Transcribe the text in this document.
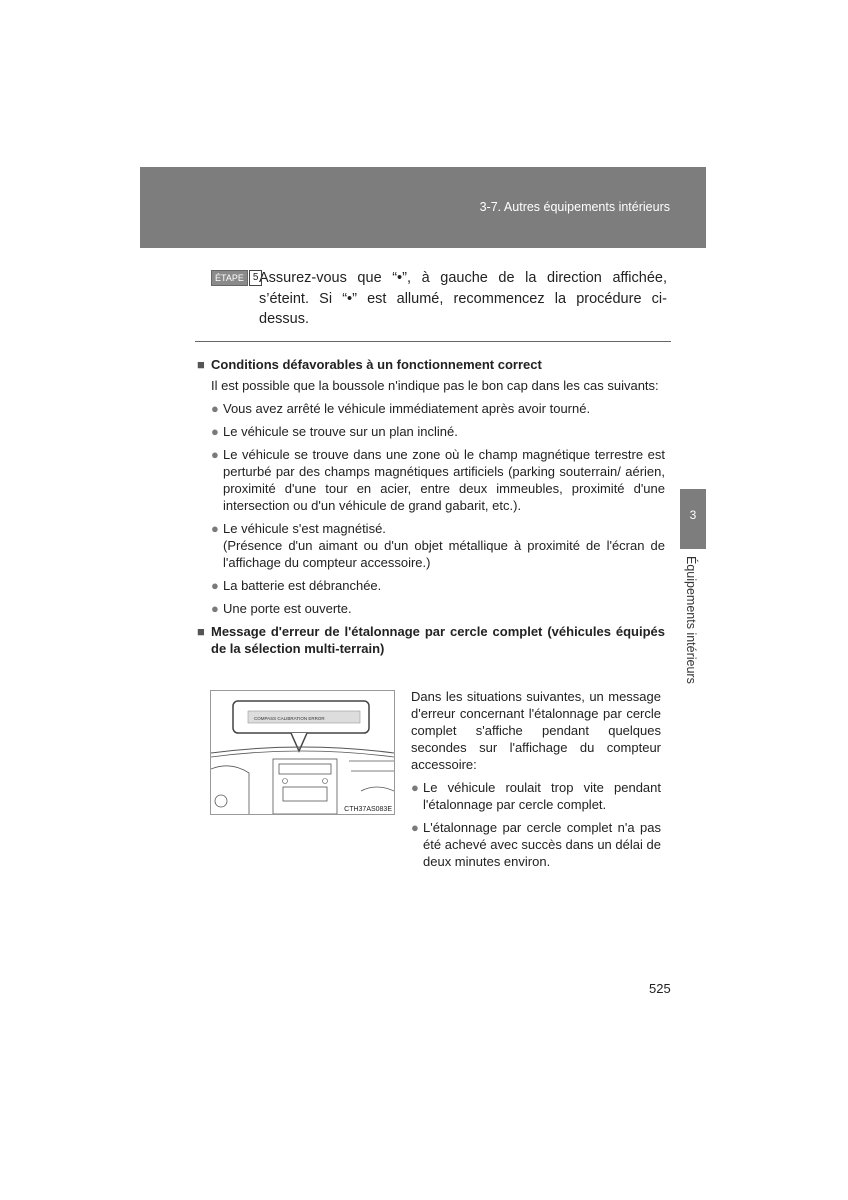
3-7. Autres équipements intérieurs
3
Équipements intérieurs
ÉTAPE 5 Assurez-vous que “•”, à gauche de la direction affichée, s’éteint. Si “•” est allumé, recommencez la procédure ci-dessus.
■ Conditions défavorables à un fonctionnement correct
Il est possible que la boussole n'indique pas le bon cap dans les cas suivants:
● Vous avez arrêté le véhicule immédiatement après avoir tourné.
● Le véhicule se trouve sur un plan incliné.
● Le véhicule se trouve dans une zone où le champ magnétique terrestre est perturbé par des champs magnétiques artificiels (parking souterrain/ aérien, proximité d'une tour en acier, entre deux immeubles, proximité d'une intersection ou d'un véhicule de grand gabarit, etc.).
● Le véhicule s'est magnétisé.
(Présence d'un aimant ou d'un objet métallique à proximité de l'écran de l'affichage du compteur accessoire.)
● La batterie est débranchée.
● Une porte est ouverte.
■ Message d'erreur de l'étalonnage par cercle complet (véhicules équipés de la sélection multi-terrain)
COMPASS CALIBRATION ERROR
CTH37AS083E
Dans les situations suivantes, un message d'erreur concernant l'étalonnage par cercle complet s'affiche pendant quelques secondes sur l'affichage du compteur accessoire:
● Le véhicule roulait trop vite pendant l'étalonnage par cercle complet.
● L'étalonnage par cercle complet n'a pas été achevé avec succès dans un délai de deux minutes environ.
525
